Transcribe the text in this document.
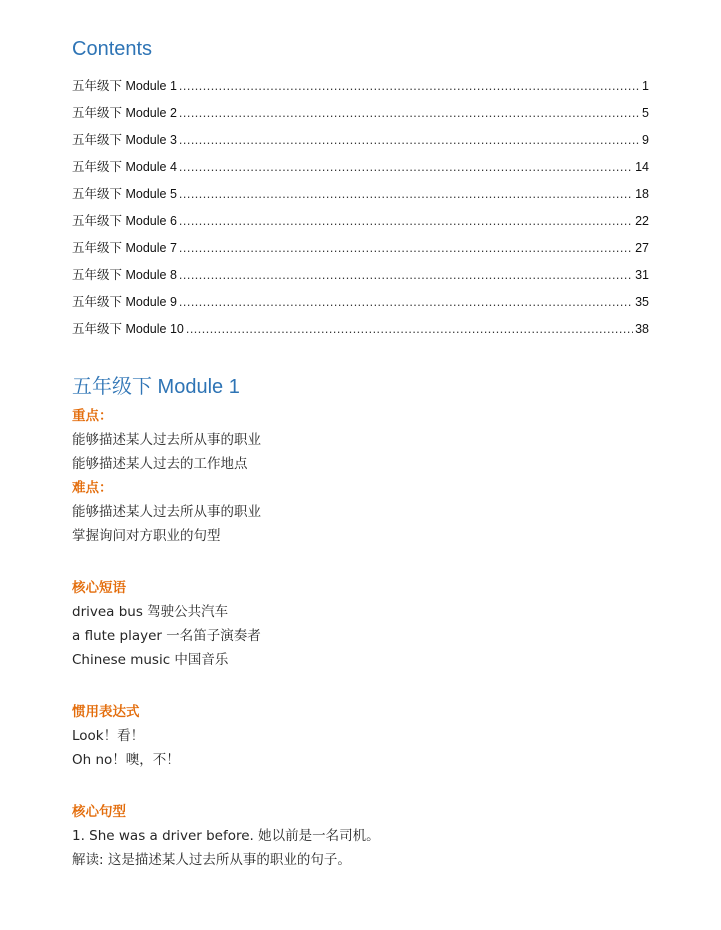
Contents
五年级下 Module 1 .....	1
五年级下 Module 2 .....	5
五年级下 Module 3 .....	9
五年级下 Module 4 .....	14
五年级下 Module 5 .....	18
五年级下 Module 6 .....	22
五年级下 Module 7 .....	27
五年级下 Module 8 .....	31
五年级下 Module 9 .....	35
五年级下 Module 10 .....	38
五年级下 Module 1
重点：
能够描述某人过去所从事的职业
能够描述某人过去的工作地点
难点：
能够描述某人过去所从事的职业
掌握询问对方职业的句型
核心短语
drivea bus 驾驶公共汽车
a flute player 一名笛子演奏者
Chinese music 中国音乐
惯用表达式
Look！看！
Oh no！噢，不！
核心句型
1. She was a driver before. 她以前是一名司机。
解读: 这是描述某人过去所从事的职业的句子。
